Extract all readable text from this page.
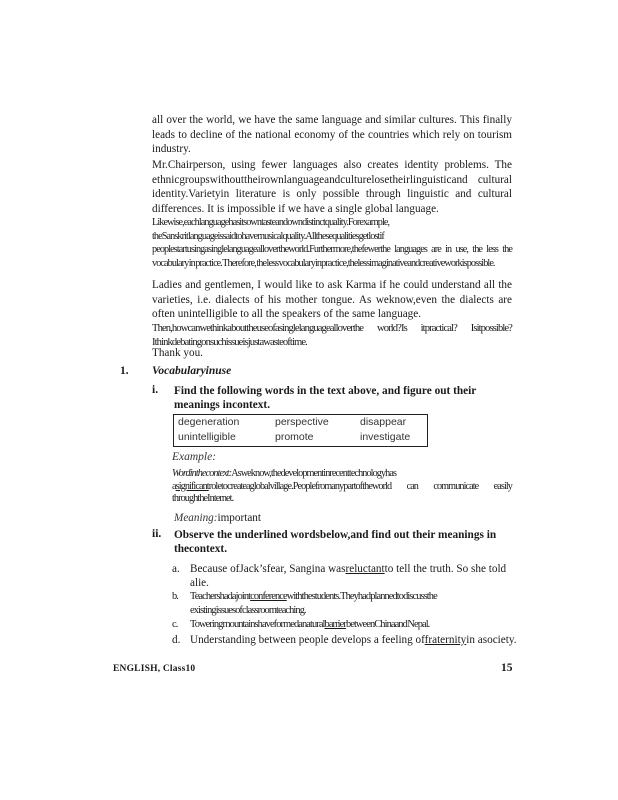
all over the world, we have the same language and similar cultures. This finally leads to decline of the national economy of the countries which rely on tourism industry.

Mr.Chairperson, using fewer languages also creates identity problems. The ethnicgroupswithouttheirownlanguageandculturelosetheirlinguisticand cultural identity.Varietyin literature is only possible through linguistic and cultural differences. It is impossible if we have a single global language.

Likewise,eachlanguagehasitsowntasteandowndistinctquality.Forexample, theSanskritlanguageissaidtohavemusicalquality.Allthesequalitiesgetlostif peoplestartusingasinglelanguageallovertheworld.Furthermore,thefewerthe languages are in use, the less the vocabulary in practice. Therefore, the less vocabularyinpractice,thelessimaginativeandcreativeworkispossible.

Ladies and gentlemen, I would like to ask Karma if he could understand all the varieties, i.e. dialects of his mother tongue. As weknow,even the dialects are often unintelligible to all the speakers of the same language.

Then,howcanwethinkabouttheuseofasinglelanguagealloverthe world?Is itpractical? Isitpossible?Ithinkdebatingonsuchissueisjustawasteoftime.

Thank you.

1. Vocabularyinuse
i. Find the following words in the text above, and figure out their meanings incontext.
degeneration	perspective	disappear
unintelligible	promote	investigate
Example:

Wordinthecontext:Asweknow,thedevelopmentinrecenttechnologyhas asignificantroletocreateaglobalvillage.Peoplefromanypartoftheworld can communicate easily throughtheInternet.

Meaning:important
ii. Observe the underlined wordsbelow,and find out their meanings in thecontext.
a. Because ofJack’sfear, Sangina wasreluctantto tell the truth. So she told alie.
b. Teachershadajointconferencewiththestudents.Theyhadplannedtodiscussthe existingissuesofclassroomteaching.
c. ToweringmountainshaveformedanaturalbarrierbetweenChinaand Nepal.
d. Understanding between people develops a feeling offraternityin asociety.
ENGLISH, Class10	15
